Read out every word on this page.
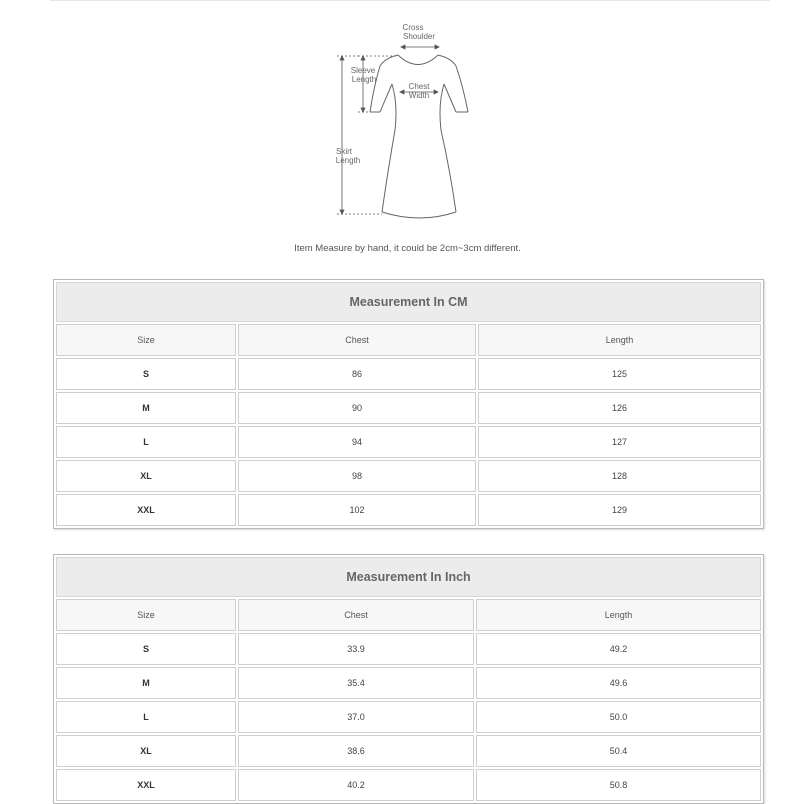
Cross
Shoulder
Sleeve
Length
Chest
Width
Skirt
Length
Item Measure by hand, it could be 2cm~3cm different.
Measurement In CM		
Size	Chest	Length
S	86	125
M	90	126
L	94	127
XL	98	128
XXL	102	129
Measurement In Inch		
Size	Chest	Length
S	33.9	49.2
M	35.4	49.6
L	37.0	50.0
XL	38.6	50.4
XXL	40.2	50.8
